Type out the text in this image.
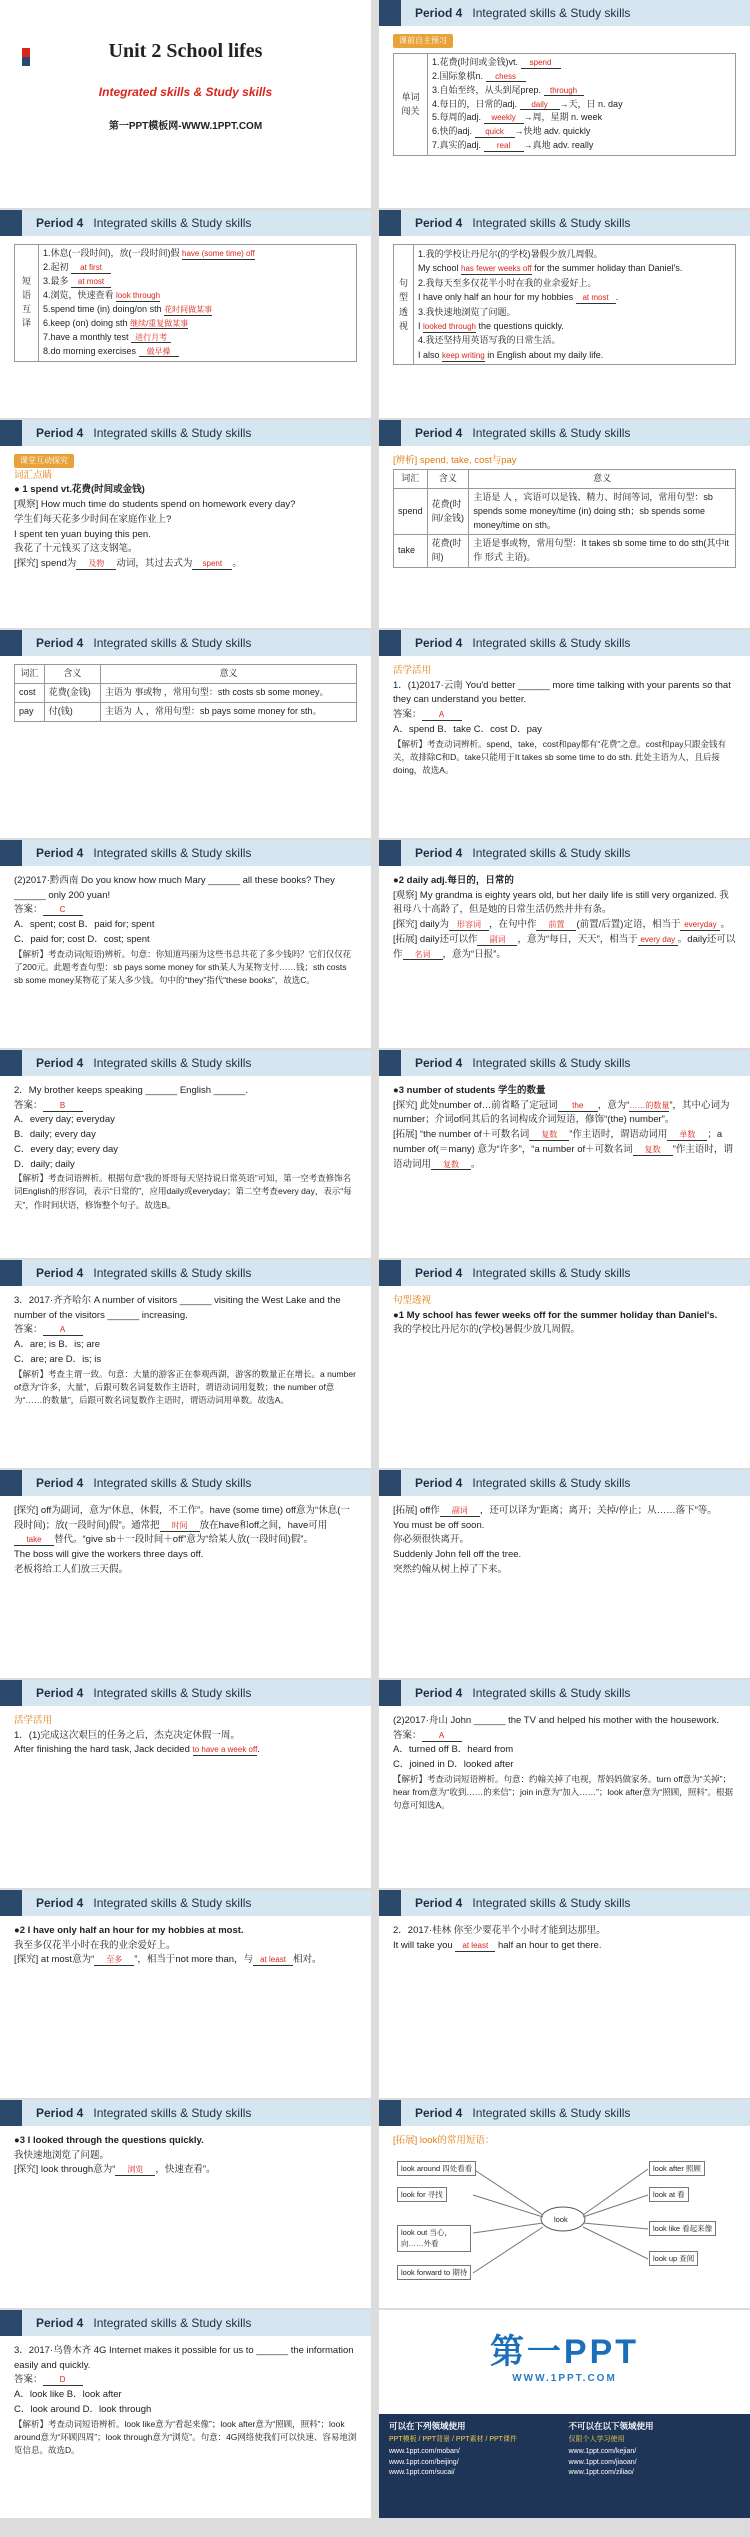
Unit 2 School lifes
Integrated skills & Study skills
第一PPT模板网-WWW.1PPT.COM
Period 4 Integrated skills & Study skills
课前自主预习
单词闯关	
1.花费(时间或金钱)vt. spend
2.国际象棋n. chess
3.自始至终，从头到尾prep. through
4.每日的，日常的adj. daily →天，日 n. day
5.每周的adj. weekly →周，星期 n. week
6.快的adj. quick →快地 adv. quickly
7.真实的adj. real →真地 adv. really
Period 4 Integrated skills & Study skills
短语互译	
1.休息(一段时间)，放(一段时间)假 have (some time) off
2.起初 at first
3.最多 at most
4.浏览，快速查看 look through
5.spend time (in) doing/on sth 花时间做某事
6.keep (on) doing sth 继续/重复做某事
7.have a monthly test 进行月考
8.do morning exercises 做早操
Period 4 Integrated skills & Study skills
句型透视	
1.我的学校让丹尼尔(的学校)暑假少放几周假。
My school has fewer weeks off for the summer holiday than Daniel's.
2.我每天至多仅花半小时在我的业余爱好上。
I have only half an hour for my hobbies at most .
3.我快速地浏览了问题。
I looked through the questions quickly.
4.我还坚持用英语写我的日常生活。
I also keep writing in English about my daily life.
Period 4 Integrated skills & Study skills
课堂互动探究
词汇点睛
● 1 spend vt.花费(时间或金钱)
[观察] How much time do students spend on homework every day?
学生们每天花多少时间在家庭作业上?
I spent ten yuan buying this pen.
我花了十元钱买了这支钢笔。
[探究] spend为 及物 动词，其过去式为 spent 。
Period 4 Integrated skills & Study skills
[辨析] spend, take, cost与pay
词汇	含义	意义
spend	花费(时间/金钱)	主语是 人 ，宾语可以是钱、精力、时间等词，常用句型：sb spends some money/time (in) doing sth；sb spends some money/time on sth。
take	花费(时间)	主语是事或物，常用句型：It takes sb some time to do sth(其中it作 形式 主语)。
Period 4 Integrated skills & Study skills
词汇	含义	意义
cost	花费(金钱)	主语为 事或物 ，常用句型：sth costs sb some money。
pay	付(钱)	主语为 人 ，常用句型：sb pays some money for sth。
Period 4 Integrated skills & Study skills
活学活用
1．(1)2017·云南 You'd better ______ more time talking with your parents so that they can understand you better.
答案： A
A．spend B．take C．cost D．pay
【解析】考查动词辨析。spend，take，cost和pay都有“花费”之意。cost和pay只跟金钱有关，故排除C和D。take只能用于It takes sb some time to do sth. 此处主语为人，且后接doing，故选A。
Period 4 Integrated skills & Study skills
(2)2017·黔西南 Do you know how much Mary ______ all these books? They ______ only 200 yuan!
答案： C
A．spent; cost B．paid for; spent
C．paid for; cost D．cost; spent
【解析】考查动词(短语)辨析。句意：你知道玛丽为这些书总共花了多少钱吗？它们仅仅花了200元。此题考查句型：sb pays some money for sth某人为某物支付……钱；sth costs sb some money某物花了某人多少钱。句中的“they”指代“these books”，故选C。
Period 4 Integrated skills & Study skills
●2 daily adj.每日的，日常的
[观察] My grandma is eighty years old, but her daily life is still very organized. 我祖母八十高龄了，但是她的日常生活仍然井井有条。
[探究] daily为 形容词 ，在句中作 前置 (前置/后置)定语，相当于 everyday 。
[拓展] daily还可以作 副词 ，意为“每日，天天”，相当于 every day 。daily还可以作 名词 ，意为“日报”。
Period 4 Integrated skills & Study skills
2．My brother keeps speaking ______ English ______.
答案： B
A．every day; everyday
B．daily; every day
C．every day; every day
D．daily; daily
【解析】考查词语辨析。根据句意“我的哥哥每天坚持说日常英语”可知，第一空考查修饰名词English的形容词，表示“日常的”，应用daily或everyday；第二空考查every day，表示“每天”，作时间状语，修饰整个句子。故选B。
Period 4 Integrated skills & Study skills
●3 number of students 学生的数量
[探究] 此处number of…前省略了定冠词 the ，意为“……的数量”，其中心词为number；介词of同其后的名词构成介词短语，修饰“(the) number”。
[拓展] “the number of＋可数名词 复数 ”作主语时，谓语动词用 单数 ；a number of(＝many) 意为“许多”，“a number of＋可数名词 复数 ”作主语时，谓语动词用 复数 。
Period 4 Integrated skills & Study skills
3．2017·齐齐哈尔 A number of visitors ______ visiting the West Lake and the number of the visitors ______ increasing.
答案： A
A．are; is B．is; are
C．are; are D．is; is
【解析】考查主谓一致。句意：大量的游客正在参观西湖，游客的数量正在增长。a number of意为“许多，大量”，后跟可数名词复数作主语时，谓语动词用复数；the number of意为“……的数量”，后跟可数名词复数作主语时，谓语动词用单数。故选A。
Period 4 Integrated skills & Study skills
句型透视
●1 My school has fewer weeks off for the summer holiday than Daniel's.
我的学校比丹尼尔的(学校)暑假少放几周假。
Period 4 Integrated skills & Study skills
[探究] off为副词，意为“休息，休假，不工作”。have (some time) off意为“休息(一段时间)；放(一段时间)假”。通常把 时间 放在have和off之间，have可用take 替代。“give sb＋一段时间＋off”意为“给某人放(一段时间)假”。
The boss will give the workers three days off.
老板将给工人们放三天假。
Period 4 Integrated skills & Study skills
[拓展] off作 副词 ，还可以译为“距离；离开；关掉/停止；从……落下”等。
You must be off soon.
你必须很快离开。
Suddenly John fell off the tree.
突然约翰从树上掉了下来。
Period 4 Integrated skills & Study skills
活学活用
1．(1)完成这次艰巨的任务之后，杰克决定休假一周。
After finishing the hard task, Jack decided to have a week off.
Period 4 Integrated skills & Study skills
(2)2017·舟山 John ______ the TV and helped his mother with the housework.
答案： A
A．turned off B．heard from
C．joined in D．looked after
【解析】考查动词短语辨析。句意：约翰关掉了电视，帮妈妈做家务。turn off意为“关掉”；hear from意为“收到……的来信”；join in意为“加入……”；look after意为“照顾，照料”。根据句意可知选A。
Period 4 Integrated skills & Study skills
●2 I have only half an hour for my hobbies at most.
我至多仅花半小时在我的业余爱好上。
[探究] at most意为“ 至多 ”，相当于not more than，与 at least 相对。
Period 4 Integrated skills & Study skills
2．2017·桂林 你至少要花半个小时才能到达那里。
It will take you at least half an hour to get there.
Period 4 Integrated skills & Study skills
●3 I looked through the questions quickly.
我快速地浏览了问题。
[探究] look through意为“ 浏览 ，快速查看”。
Period 4 Integrated skills & Study skills
[拓展] look的常用短语：
look
look around 四处看看
look for 寻找
look out 当心，向……外看
look forward to 期待
look after 照顾
look at 看
look like 看起来像
look up 查阅
Period 4 Integrated skills & Study skills
3．2017·乌鲁木齐 4G Internet makes it possible for us to ______ the information easily and quickly.
答案： D
A．look like B．look after
C．look around D．look through
【解析】考查动词短语辨析。look like意为“看起来像”；look after意为“照顾，照料”；look around意为“环顾四周”；look through意为“浏览”。句意：4G网络使我们可以快速、容易地浏览信息。故选D。
第一PPT
WWW.1PPT.COM
可以在下列领域使用
PPT模板 / PPT背景 / PPT素材 / PPT课件
www.1ppt.com/moban/
www.1ppt.com/beijing/
www.1ppt.com/sucai/
不可以在以下领域使用
仅限个人学习使用
www.1ppt.com/kejian/
www.1ppt.com/jiaoan/
www.1ppt.com/ziliao/
